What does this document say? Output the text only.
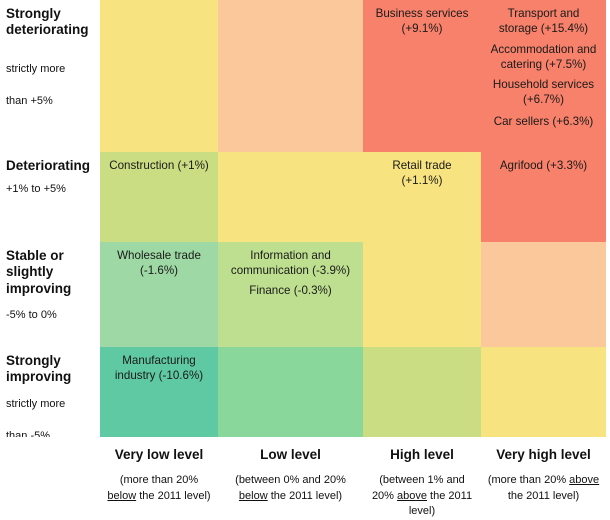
Strongly deteriorating
strictly more
than +5%
Business services (+9.1%)
Transport and storage (+15.4%)
Accommodation and catering (+7.5%)
Household services (+6.7%)
Car sellers (+6.3%)
Deteriorating
+1% to +5%
Construction (+1%)	Retail trade (+1.1%)
Agrifood (+3.3%)
Stable or slightly improving
-5% to 0%
Wholesale trade (-1.6%)
Information and communication (-3.9%)
Finance (-0.3%)
Strongly improving
strictly more
Manufacturing industry (-10.6%)
Very low level
(more than 20% below the 2011 level)
Low level
(between 0% and 20% below the 2011 level)
High level
(between 1% and 20% above the 2011 level)
Very high level
(more than 20% above the 2011 level)
